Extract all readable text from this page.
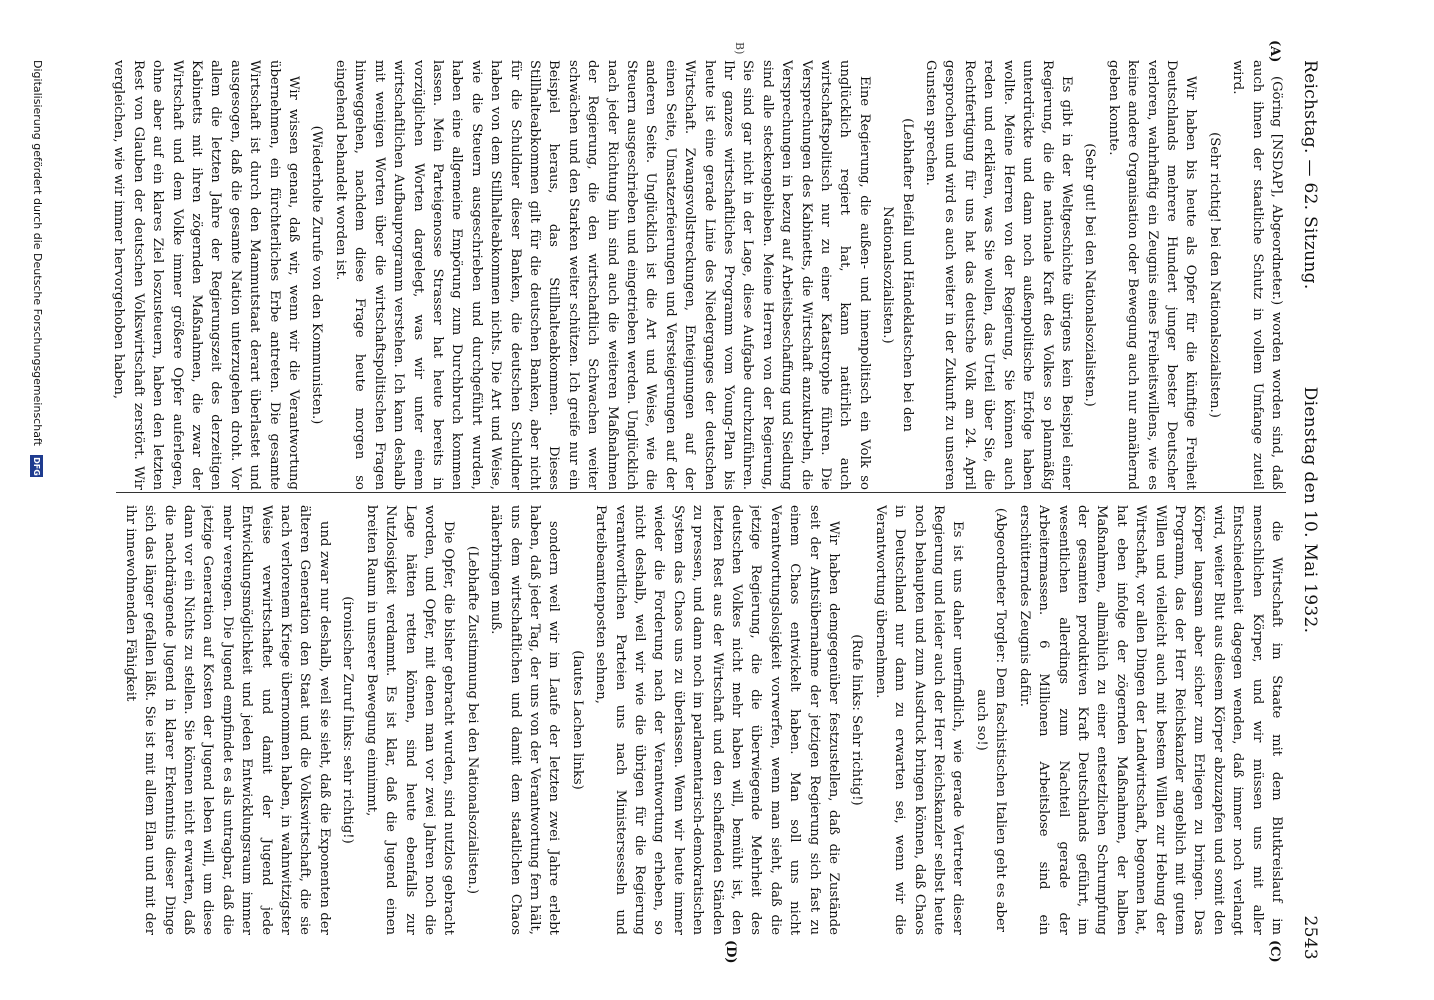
Reichstag. — 62. Sitzung.
Dienstag den 10. Mai 1932.
2543
(A)
B)
(C)
(D)

(Göring [NSDAP], Abgeordneter.) worden worden sind, daß auch ihnen der staatliche Schutz in vollem Umfange zuteil wird.

(Sehr richtig! bei den Nationalsozialisten.)

Wir haben bis heute als Opfer für die künftige Freiheit Deutschlands mehrere Hundert junger bester Deutscher verloren, wahrhaftig ein Zeugnis eines Freiheitswillens, wie es keine andere Organisation oder Bewegung auch nur annähernd geben konnte.

(Sehr gut! bei den Nationalsozialisten.)

Es gibt in der Weltgeschichte übrigens kein Beispiel einer Regierung, die die nationale Kraft des Volkes so planmäßig unterdrückte und dann noch außenpolitische Erfolge haben wollte. Meine Herren von der Regierung, Sie können auch reden und erklären, was Sie wollen, das Urteil über Sie, die Rechtfertigung für uns hat das deutsche Volk am 24. April gesprochen und wird es auch weiter in der Zukunft zu unseren Gunsten sprechen.

(Lebhafter Beifall und Händeklatschen bei den Nationalsozialisten.)

Eine Regierung, die außen- und innenpolitisch ein Volk so unglücklich regiert hat, kann natürlich auch wirtschaftspolitisch nur zu einer Katastrophe führen. Die Versprechungen des Kabinetts, die Wirtschaft anzukurbeln, die Versprechungen in bezug auf Arbeitsbeschaffung und Siedlung sind alle steckengeblieben. Meine Herren von der Regierung, Sie sind gar nicht in der Lage, diese Aufgabe durchzuführen. Ihr ganzes wirtschaftliches Programm vom Young-Plan bis heute ist eine gerade Linie des Niederganges der deutschen Wirtschaft. Zwangsvollstreckungen, Enteignungen auf der einen Seite, Umsatzerfeierungen und Versteigerungen auf der anderen Seite. Unglücklich ist die Art und Weise, wie die Steuern ausgeschrieben und eingetrieben werden. Unglücklich nach jeder Richtung hin sind auch die weiteren Maßnahmen der Regierung, die den wirtschaftlich Schwachen weiter schwächen und den Starken weiter schützen. Ich greife nur ein Beispiel heraus, das Stillhalteabkommen. Dieses Stillhalteabkommen gilt für die deutschen Banken, aber nicht für die Schuldner dieser Banken, die deutschen Schuldner haben von dem Stillhalteabkommen nichts. Die Art und Weise, wie die Steuern ausgeschrieben und durchgeführt wurden, haben eine allgemeine Empörung zum Durchbruch kommen lassen. Mein Parteigenosse Strasser hat heute bereits in vorzüglichen Worten dargelegt, was wir unter einem wirtschaftlichen Aufbauprogramm verstehen. Ich kann deshalb mit wenigen Worten über die wirtschaftspolitischen Fragen hinweggehen, nachdem diese Frage heute morgen so eingehend behandelt worden ist.

(Wiederholte Zurufe von den Kommunisten.)

Wir wissen genau, daß wir, wenn wir die Verantwortung übernehmen, ein fürchterliches Erbe antreten. Die gesamte Wirtschaft ist durch den Mammutstaat derart überlastet und ausgesogen, daß die gesamte Nation unterzugehen droht. Vor allem die letzten Jahre der Regierungszeit des derzeitigen Kabinetts mit ihren zögernden Maßnahmen, die zwar der Wirtschaft und dem Volke immer größere Opfer auferlegen, ohne aber auf ein klares Ziel loszusteuern, haben den letzten Rest von Glauben der deutschen Volkswirtschaft zerstört. Wir vergleichen, wie wir immer hervorgehoben haben,

die Wirtschaft im Staate mit dem Blutkreislauf im menschlichen Körper, und wir müssen uns mit aller Entschiedenheit dagegen wenden, daß immer noch verlangt wird, weiter Blut aus diesem Körper abzuzapfen und somit den Körper langsam aber sicher zum Erliegen zu bringen. Das Programm, das der Herr Reichskanzler angeblich mit gutem Willen und vielleicht auch mit bestem Willen zur Hebung der Wirtschaft, vor allen Dingen der Landwirtschaft, begonnen hat, hat eben infolge der zögernden Maßnahmen, der halben Maßnahmen, allmählich zu einer entsetzlichen Schrumpfung der gesamten produktiven Kraft Deutschlands geführt, im wesentlichen allerdings zum Nachteil gerade der Arbeitermassen. 6 Millionen Arbeitslose sind ein erschütterndes Zeugnis dafür.

(Abgeordneter Torgler: Dem faschistischen Italien geht es aber auch so!)

Es ist uns daher unerfindlich, wie gerade Vertreter dieser Regierung und leider auch der Herr Reichskanzler selbst heute noch behaupten und zum Ausdruck bringen können, daß Chaos in Deutschland nur dann zu erwarten sei, wenn wir die Verantwortung übernehmen.

(Rufe links: Sehr richtig!)

Wir haben demgegenüber festzustellen, daß die Zustände seit der Amtsübernahme der jetzigen Regierung sich fast zu einem Chaos entwickelt haben. Man soll uns nicht Verantwortungslosigkeit vorwerfen, wenn man sieht, daß die jetzige Regierung, die die überwiegende Mehrheit des deutschen Volkes nicht mehr haben will, bemüht ist, den letzten Rest aus der Wirtschaft und den schaffenden Ständen zu pressen, und dann noch im parlamentarisch-demokratischen System das Chaos uns zu überlassen. Wenn wir heute immer wieder die Forderung nach der Verantwortung erheben, so nicht deshalb, weil wir wie die übrigen für die Regierung verantwortlichen Parteien uns nach Ministersesseln und Parteibeamtenposten sehnen,

(lautes Lachen links)

sondern weil wir im Laufe der letzten zwei Jahre erlebt haben, daß jeder Tag, der uns von der Verantwortung fern hält, uns dem wirtschaftlichen und damit dem staatlichen Chaos näherbringen muß.

(Lebhafte Zustimmung bei den Nationalsozialisten.)

Die Opfer, die bisher gebracht wurden, sind nutzlos gebracht worden, und Opfer, mit denen man vor zwei Jahren noch die Lage hätten retten können, sind heute ebenfalls zur Nutzlosigkeit verdammt. Es ist klar, daß die Jugend einen breiten Raum in unserer Bewegung einnimmt,

(ironischer Zuruf links: sehr richtig!)

und zwar nur deshalb, weil sie sieht, daß die Exponenten der älteren Generation den Staat und die Volkswirtschaft, die sie nach verlorenem Kriege übernommen haben, in wahnwitzigster Weise verwirtschaftet und damit der Jugend jede Entwicklungsmöglichkeit und jeden Entwicklungsraum immer mehr verengen. Die Jugend empfindet es als untragbar, daß die jetzige Generation auf Kosten der Jugend leben will, um diese dann vor ein Nichts zu stellen. Sie können nicht erwarten, daß die nachdrängende Jugend in klarer Erkenntnis dieser Dinge sich das länger gefallen läßt. Sie ist mit allem Elan und mit der ihr innewohnenden Fähigkeit

Digitalisierung gefördert durch die Deutsche Forschungsgemeinschaft DFG
